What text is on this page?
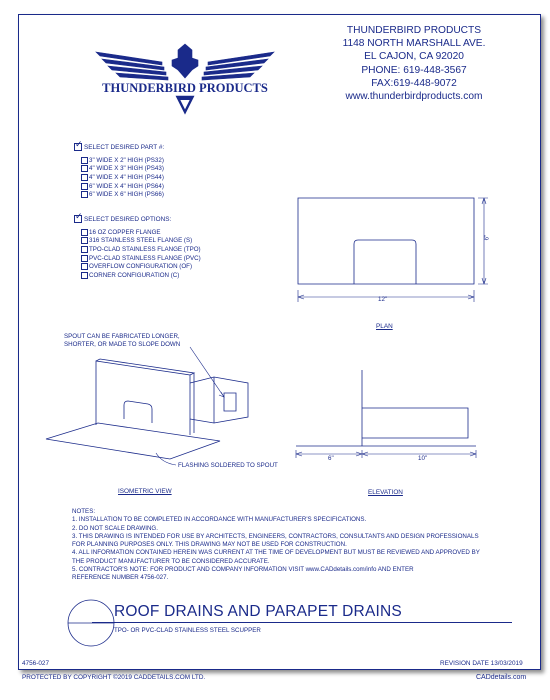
THUNDERBIRD PRODUCTS
THUNDERBIRD PRODUCTS
1148 NORTH MARSHALL AVE.
EL CAJON, CA 92020
PHONE: 619-448-3567
FAX:619-448-9072
www.thunderbirdproducts.com
✓
SELECT DESIRED PART #:
3" WIDE X 2" HIGH (PS32)
4" WIDE X 3" HIGH (PS43)
4" WIDE X 4" HIGH (PS44)
6" WIDE X 4" HIGH (PS64)
6" WIDE X 6" HIGH (PS66)
✓
SELECT DESIRED OPTIONS:
16 OZ COPPER FLANGE
316 STAINLESS STEEL FLANGE (S)
TPO-CLAD STAINLESS FLANGE (TPO)
PVC-CLAD STAINLESS FLANGE (PVC)
OVERFLOW CONFIGURATION (OF)
CORNER CONFIGURATION (C)
12"
6"
PLAN
SPOUT CAN BE FABRICATED LONGER,
SHORTER, OR MADE TO SLOPE DOWN
FLASHING SOLDERED TO SPOUT
ISOMETRIC VIEW
6"	10"
ELEVATION
NOTES:
1. INSTALLATION TO BE COMPLETED IN ACCORDANCE WITH MANUFACTURER'S SPECIFICATIONS.
2. DO NOT SCALE DRAWING.
3. THIS DRAWING IS INTENDED FOR USE BY ARCHITECTS, ENGINEERS, CONTRACTORS, CONSULTANTS AND DESIGN PROFESSIONALS
FOR PLANNING PURPOSES ONLY. THIS DRAWING MAY NOT BE USED FOR CONSTRUCTION.
4. ALL INFORMATION CONTAINED HEREIN WAS CURRENT AT THE TIME OF DEVELOPMENT BUT MUST BE REVIEWED AND APPROVED BY
THE PRODUCT MANUFACTURER TO BE CONSIDERED ACCURATE.
5. CONTRACTOR'S NOTE: FOR PRODUCT AND COMPANY INFORMATION VISIT www.CADdetails.com/info AND ENTER
REFERENCE NUMBER 4756-027.
ROOF DRAINS AND PARAPET DRAINS
TPO- OR PVC-CLAD STAINLESS STEEL SCUPPER
4756-027	REVISION DATE 13/03/2019
PROTECTED BY COPYRIGHT ©2019 CADDETAILS.COM LTD.	CADdetails.com
